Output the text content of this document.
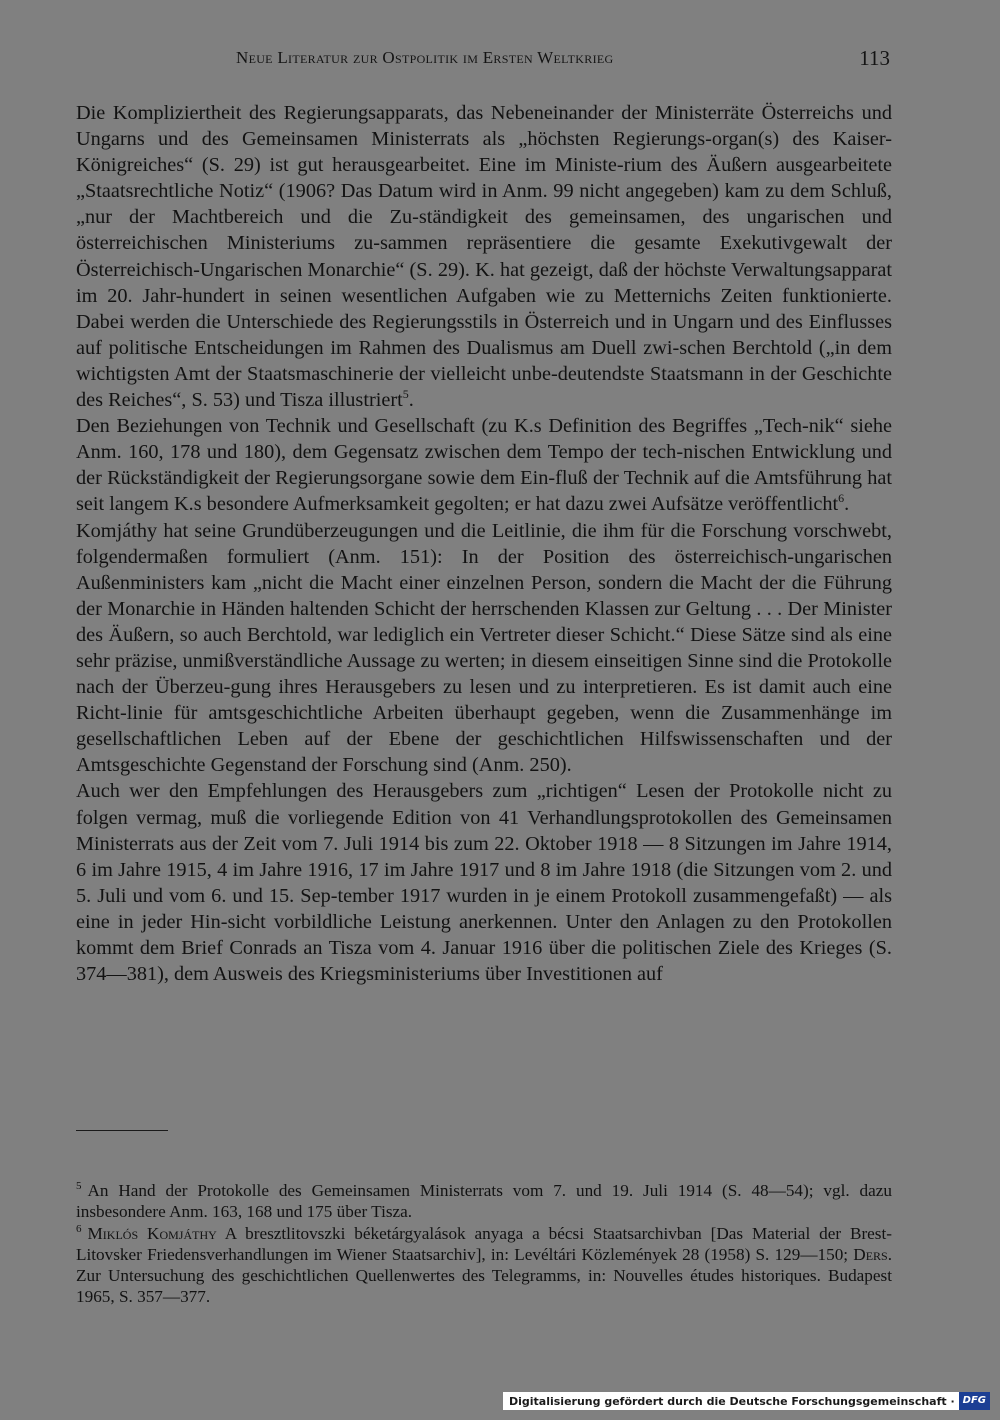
Neue Literatur zur Ostpolitik im Ersten Weltkrieg	113

Die Kompliziertheit des Regierungsapparats, das Nebeneinander der Ministerräte Österreichs und Ungarns und des Gemeinsamen Ministerrats als „höchsten Regierungs-organ(s) des Kaiser-Königreiches“ (S. 29) ist gut herausgearbeitet. Eine im Ministe-rium des Äußern ausgearbeitete „Staatsrechtliche Notiz“ (1906? Das Datum wird in Anm. 99 nicht angegeben) kam zu dem Schluß, „nur der Machtbereich und die Zu-ständigkeit des gemeinsamen, des ungarischen und österreichischen Ministeriums zu-sammen repräsentiere die gesamte Exekutivgewalt der Österreichisch-Ungarischen Monarchie“ (S. 29). K. hat gezeigt, daß der höchste Verwaltungsapparat im 20. Jahr-hundert in seinen wesentlichen Aufgaben wie zu Metternichs Zeiten funktionierte. Dabei werden die Unterschiede des Regierungsstils in Österreich und in Ungarn und des Einflusses auf politische Entscheidungen im Rahmen des Dualismus am Duell zwi-schen Berchtold („in dem wichtigsten Amt der Staatsmaschinerie der vielleicht unbe-deutendste Staatsmann in der Geschichte des Reiches“, S. 53) und Tisza illustriert$^5$.

Den Beziehungen von Technik und Gesellschaft (zu K.s Definition des Begriffes „Tech-nik“ siehe Anm. 160, 178 und 180), dem Gegensatz zwischen dem Tempo der tech-nischen Entwicklung und der Rückständigkeit der Regierungsorgane sowie dem Ein-fluß der Technik auf die Amtsführung hat seit langem K.s besondere Aufmerksamkeit gegolten; er hat dazu zwei Aufsätze veröffentlicht$^6$.

Komjáthy hat seine Grundüberzeugungen und die Leitlinie, die ihm für die Forschung vorschwebt, folgendermaßen formuliert (Anm. 151): In der Position des österreichisch-ungarischen Außenministers kam „nicht die Macht einer einzelnen Person, sondern die Macht der die Führung der Monarchie in Händen haltenden Schicht der herrschenden Klassen zur Geltung . . . Der Minister des Äußern, so auch Berchtold, war lediglich ein Vertreter dieser Schicht.“ Diese Sätze sind als eine sehr präzise, unmißverständliche Aussage zu werten; in diesem einseitigen Sinne sind die Protokolle nach der Überzeu-gung ihres Herausgebers zu lesen und zu interpretieren. Es ist damit auch eine Richt-linie für amtsgeschichtliche Arbeiten überhaupt gegeben, wenn die Zusammenhänge im gesellschaftlichen Leben auf der Ebene der geschichtlichen Hilfswissenschaften und der Amtsgeschichte Gegenstand der Forschung sind (Anm. 250).

Auch wer den Empfehlungen des Herausgebers zum „richtigen“ Lesen der Protokolle nicht zu folgen vermag, muß die vorliegende Edition von 41 Verhandlungsprotokollen des Gemeinsamen Ministerrats aus der Zeit vom 7. Juli 1914 bis zum 22. Oktober 1918 — 8 Sitzungen im Jahre 1914, 6 im Jahre 1915, 4 im Jahre 1916, 17 im Jahre 1917 und 8 im Jahre 1918 (die Sitzungen vom 2. und 5. Juli und vom 6. und 15. Sep-tember 1917 wurden in je einem Protokoll zusammengefaßt) — als eine in jeder Hin-sicht vorbildliche Leistung anerkennen. Unter den Anlagen zu den Protokollen kommt dem Brief Conrads an Tisza vom 4. Januar 1916 über die politischen Ziele des Krieges (S. 374—381), dem Ausweis des Kriegsministeriums über Investitionen auf

$^5$ An Hand der Protokolle des Gemeinsamen Ministerrats vom 7. und 19. Juli 1914 (S. 48—54); vgl. dazu insbesondere Anm. 163, 168 und 175 über Tisza.

$^6$ Miklós Komjáthy A bresztlitovszki béketárgyalások anyaga a bécsi Staatsarchivban [Das Material der Brest-Litovsker Friedensverhandlungen im Wiener Staatsarchiv], in: Levéltári Közlemények 28 (1958) S. 129—150; Ders. Zur Untersuchung des geschichtlichen Quellenwertes des Telegramms, in: Nouvelles études historiques. Budapest 1965, S. 357—377.

Digitalisierung gefördert durch die Deutsche Forschungsgemeinschaft · DFG
